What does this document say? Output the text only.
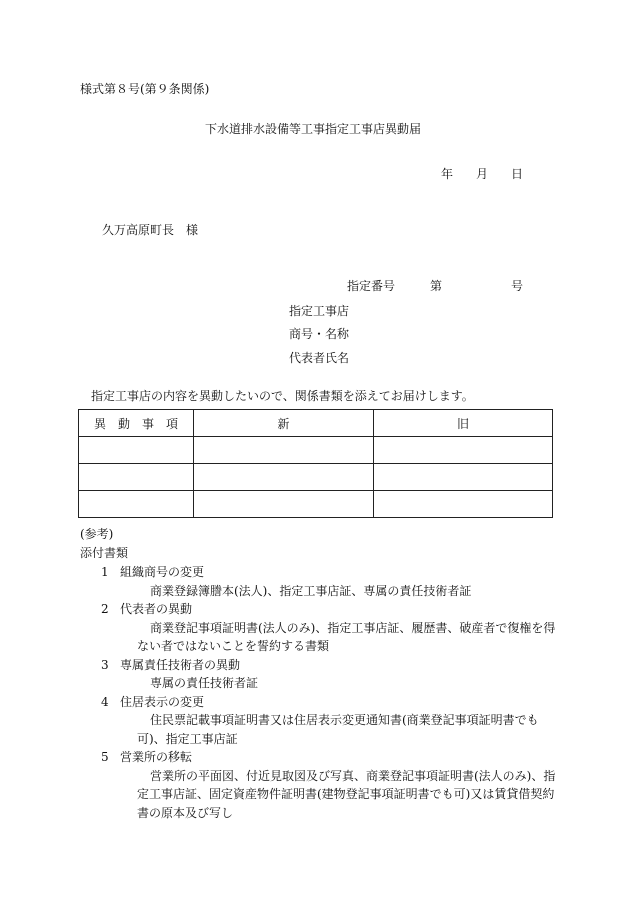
様式第８号(第９条関係)
下水道排水設備等工事指定工事店異動届
年 月 日
久万高原町長　様
指定番号	第	号
指定工事店
商号・名称
代表者氏名
指定工事店の内容を異動したいので、関係書類を添えてお届けします。
異　動　事　項	新	旧

(参考)
添付書類
1 組織商号の変更
商業登録簿謄本(法人)、指定工事店証、専属の責任技術者証
2 代表者の異動
商業登記事項証明書(法人のみ)、指定工事店証、履歴書、破産者で復権を得
ない者ではないことを誓約する書類
3 専属責任技術者の異動
専属の責任技術者証
4 住居表示の変更
住民票記載事項証明書又は住居表示変更通知書(商業登記事項証明書でも
可)、指定工事店証
5 営業所の移転
営業所の平面図、付近見取図及び写真、商業登記事項証明書(法人のみ)、指
定工事店証、固定資産物件証明書(建物登記事項証明書でも可)又は賃貸借契約
書の原本及び写し
